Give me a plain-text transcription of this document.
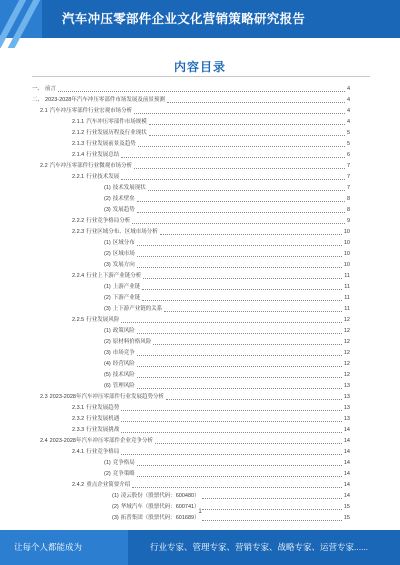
汽车冲压零部件企业文化营销策略研究报告
内容目录
一、 前言	4
二、 2023-2028年汽车冲压零部件市场发展及前景预测	4
2.1 汽车冲压零部件行业宏观市场分析	4
2.1.1 汽车冲压零部件市场规模	4
2.1.2 行业发展历程及行业现状	5
2.1.3 行业发展前景及趋势	5
2.1.4 行业发展总结	6
2.2 汽车冲压零部件行业微观市场分析	7
2.2.1 行业技术发展	7
(1) 技术发展现状	7
(2) 技术壁垒	8
(3) 发展趋势	8
2.2.2 行业竞争格局分析	9
2.2.3 行业区域分布、区域市场分析	10
(1) 区域分布	10
(2) 区域市场	10
(3) 发展方向	10
2.2.4 行业上下游产业链分析	11
(1) 上游产业链	11
(2) 下游产业链	11
(3) 上下游产业链的关系	11
2.2.5 行业发展风险	12
(1) 政策风险	12
(2) 原材料价格风险	12
(3) 市场竞争	12
(4) 经营风险	12
(5) 技术风险	12
(6) 管理风险	13
2.3 2023-2028年汽车冲压零部件行业发展趋势分析	13
2.3.1 行业发展趋势	13
2.3.2 行业发展机遇	13
2.3.3 行业发展挑战	14
2.4 2023-2028年汽车冲压零部件企业竞争分析	14
2.4.1 行业竞争格局	14
(1) 竞争格局	14
(2) 竞争策略	14
2.4.2 重点企业简要介绍	14
(1) 凌云股份（股票代码：600480）	14
(2) 华域汽车（股票代码：600741）	15
(3) 拓普集团（股票代码：601689）	15
1
让每个人都能成为	行业专家、管理专家、营销专家、战略专家、运营专家......
